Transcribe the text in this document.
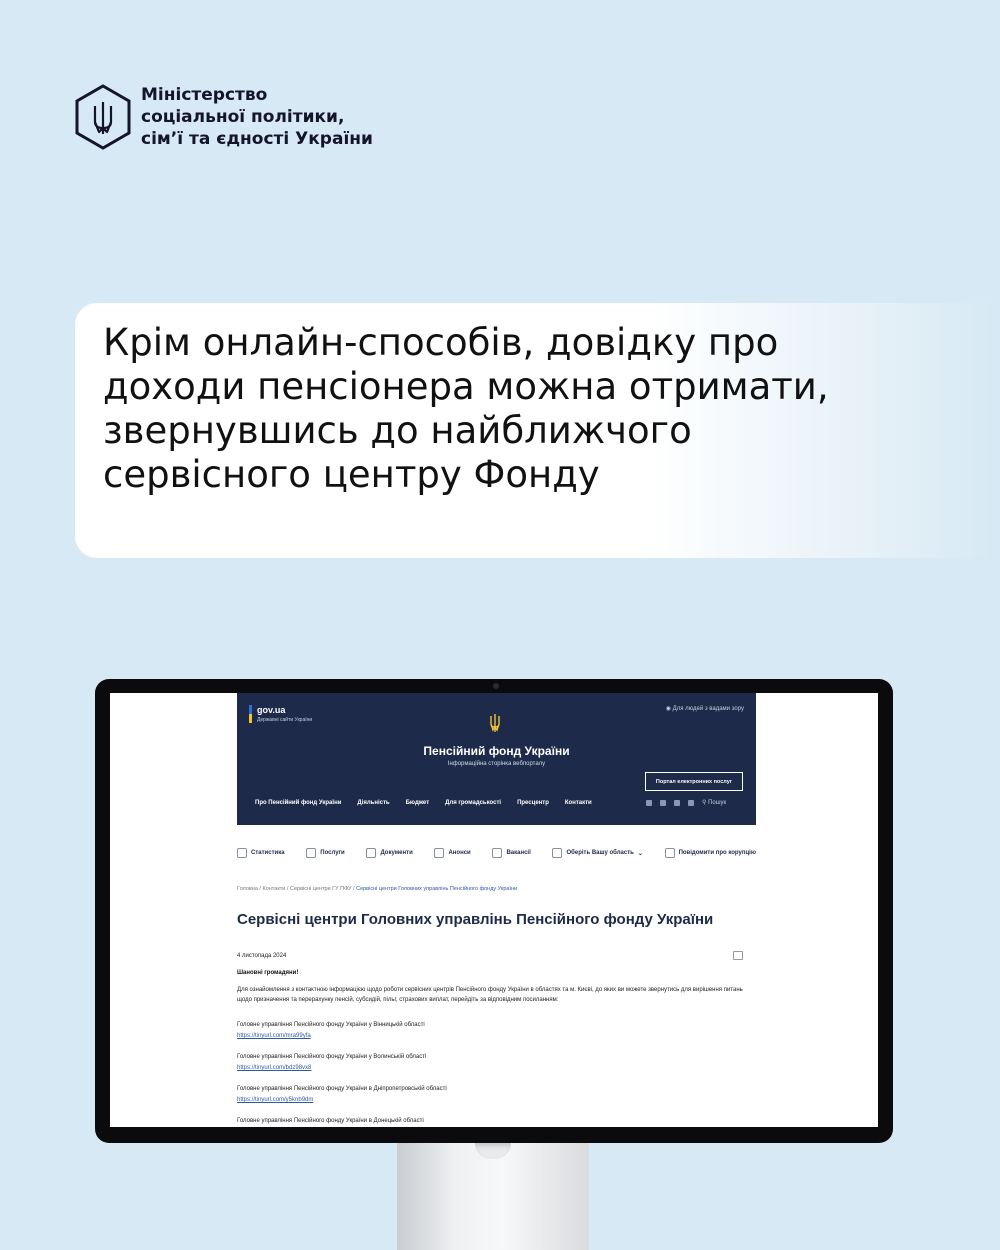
Міністерство
соціальної політики,
сім’ї та єдності України
Крім онлайн-способів, довідку про
доходи пенсіонера можна отримати,
звернувшись до найближчого
сервісного центру Фонду
gov.ua
Державні сайти України
◉ Для людей з вадами зору
Пенсійний фонд України
Інформаційна сторінка вебпорталу
Портал електронних послуг
Про Пенсійний фонд України	Діяльність	Бюджет	Для громадськості	Пресцентр	Контакти	⚲ Пошук
Статистика	Послуги	Документи	Анонси	Вакансії	Оберіть Вашу область ⌄	Повідомити про корупцію
Головна / Контакти / Сервісні центри ГУ ПФУ / Сервісні центри Головних управлінь Пенсійного фонду України
Сервісні центри Головних управлінь Пенсійного фонду України
4 листопада 2024
Шановні громадяни!
Для ознайомлення з контактною інформацією щодо роботи сервісних центрів Пенсійного фонду України в областях та м. Києві, до яких ви можете звернутись для вирішення питань щодо призначення та перерахунку пенсій, субсидій, пільг, страхових виплат, перейдіть за відповідним посиланням:
Головне управління Пенсійного фонду України у Вінницькій області
https://tinyurl.com/mra99yfa
Головне управління Пенсійного фонду України у Волинській області
https://tinyurl.com/bdz98vx8
Головне управління Пенсійного фонду України в Дніпропетровській області
https://tinyurl.com/y5knb9dm
Головне управління Пенсійного фонду України в Донецькій області
